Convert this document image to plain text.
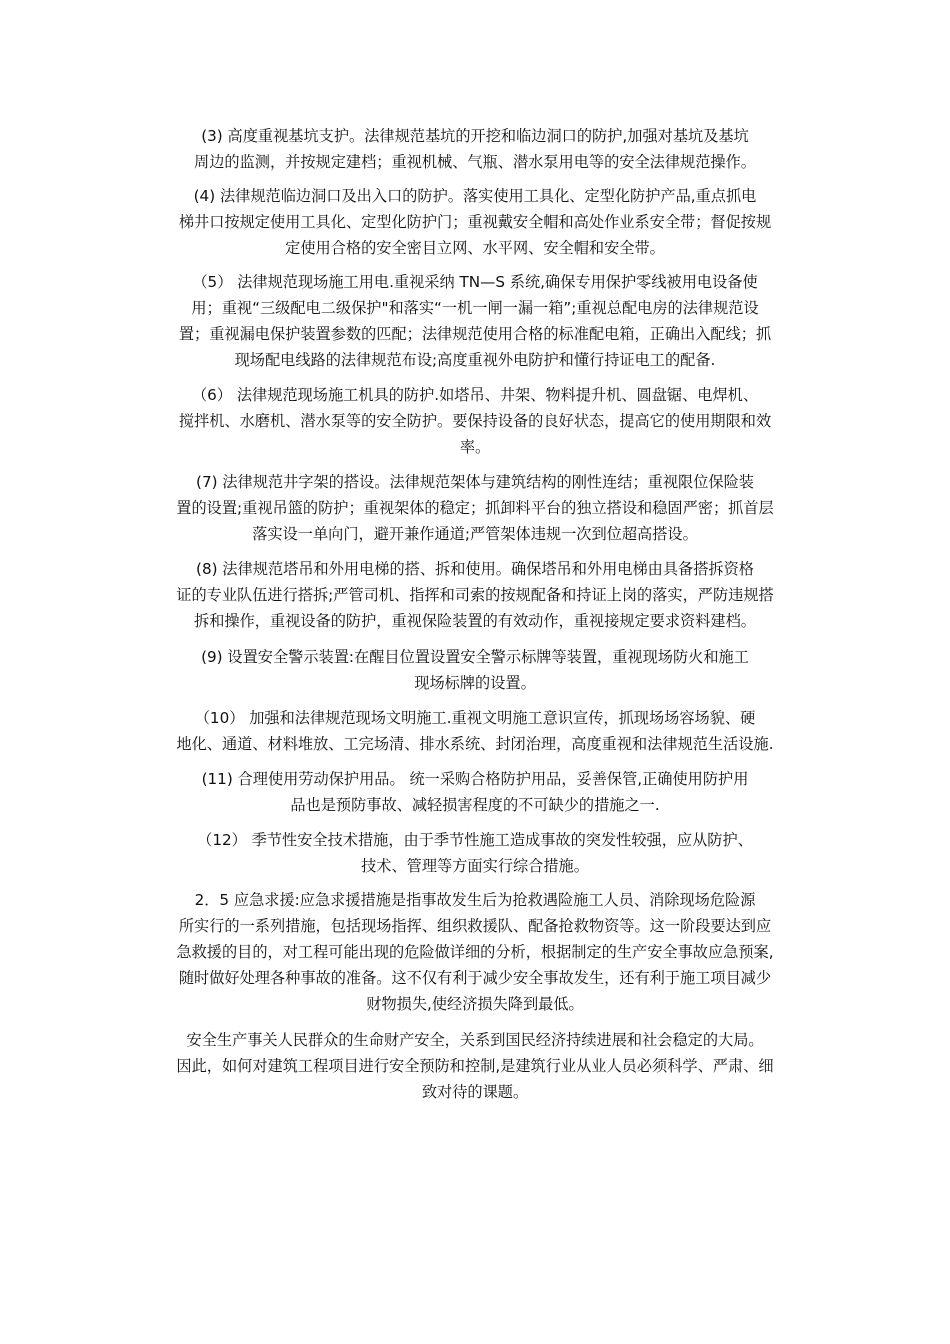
(3) 高度重视基坑支护。法律规范基坑的开挖和临边洞口的防护,加强对基坑及基坑
周边的监测，并按规定建档；重视机械、气瓶、潜水泵用电等的安全法律规范操作。

(4) 法律规范临边洞口及出入口的防护。落实使用工具化、定型化防护产品,重点抓电
梯井口按规定使用工具化、定型化防护门；重视戴安全帽和高处作业系安全带；督促按规
定使用合格的安全密目立网、水平网、安全帽和安全带。

（5） 法律规范现场施工用电.重视采纳 TN—S 系统,确保专用保护零线被用电设备使
用；重视“三级配电二级保护"和落实“一机一闸一漏一箱”;重视总配电房的法律规范设
置；重视漏电保护装置参数的匹配；法律规范使用合格的标准配电箱，正确出入配线；抓
现场配电线路的法律规范布设;高度重视外电防护和懂行持证电工的配备.

（6） 法律规范现场施工机具的防护.如塔吊、井架、物料提升机、圆盘锯、电焊机、
搅拌机、水磨机、潜水泵等的安全防护。要保持设备的良好状态，提高它的使用期限和效
率。

(7) 法律规范井字架的搭设。法律规范架体与建筑结构的刚性连结；重视限位保险装
置的设置;重视吊篮的防护；重视架体的稳定；抓卸料平台的独立搭设和稳固严密；抓首层
落实设一单向门，避开兼作通道;严管架体违规一次到位超高搭设。

(8) 法律规范塔吊和外用电梯的搭、拆和使用。确保塔吊和外用电梯由具备搭拆资格
证的专业队伍进行搭拆;严管司机、指挥和司索的按规配备和持证上岗的落实，严防违规搭
拆和操作，重视设备的防护，重视保险装置的有效动作，重视接规定要求资料建档。

(9) 设置安全警示装置:在醒目位置设置安全警示标牌等装置，重视现场防火和施工
现场标牌的设置。

（10） 加强和法律规范现场文明施工.重视文明施工意识宣传，抓现场场容场貌、硬
地化、通道、材料堆放、工完场清、排水系统、封闭治理，高度重视和法律规范生活设施.

(11) 合理使用劳动保护用品。 统一采购合格防护用品，妥善保管,正确使用防护用
品也是预防事故、减轻损害程度的不可缺少的措施之一.

（12） 季节性安全技术措施，由于季节性施工造成事故的突发性较强，应从防护、
技术、管理等方面实行综合措施。

2．5 应急求援:应急求援措施是指事故发生后为抢救遇险施工人员、消除现场危险源
所实行的一系列措施，包括现场指挥、组织救援队、配备抢救物资等。这一阶段要达到应
急救援的目的，对工程可能出现的危险做详细的分析，根据制定的生产安全事故应急预案,
随时做好处理各种事故的准备。这不仅有利于减少安全事故发生，还有利于施工项目减少
财物损失,使经济损失降到最低。

安全生产事关人民群众的生命财产安全，关系到国民经济持续进展和社会稳定的大局。
因此，如何对建筑工程项目进行安全预防和控制,是建筑行业从业人员必须科学、严肃、细
致对待的课题。
